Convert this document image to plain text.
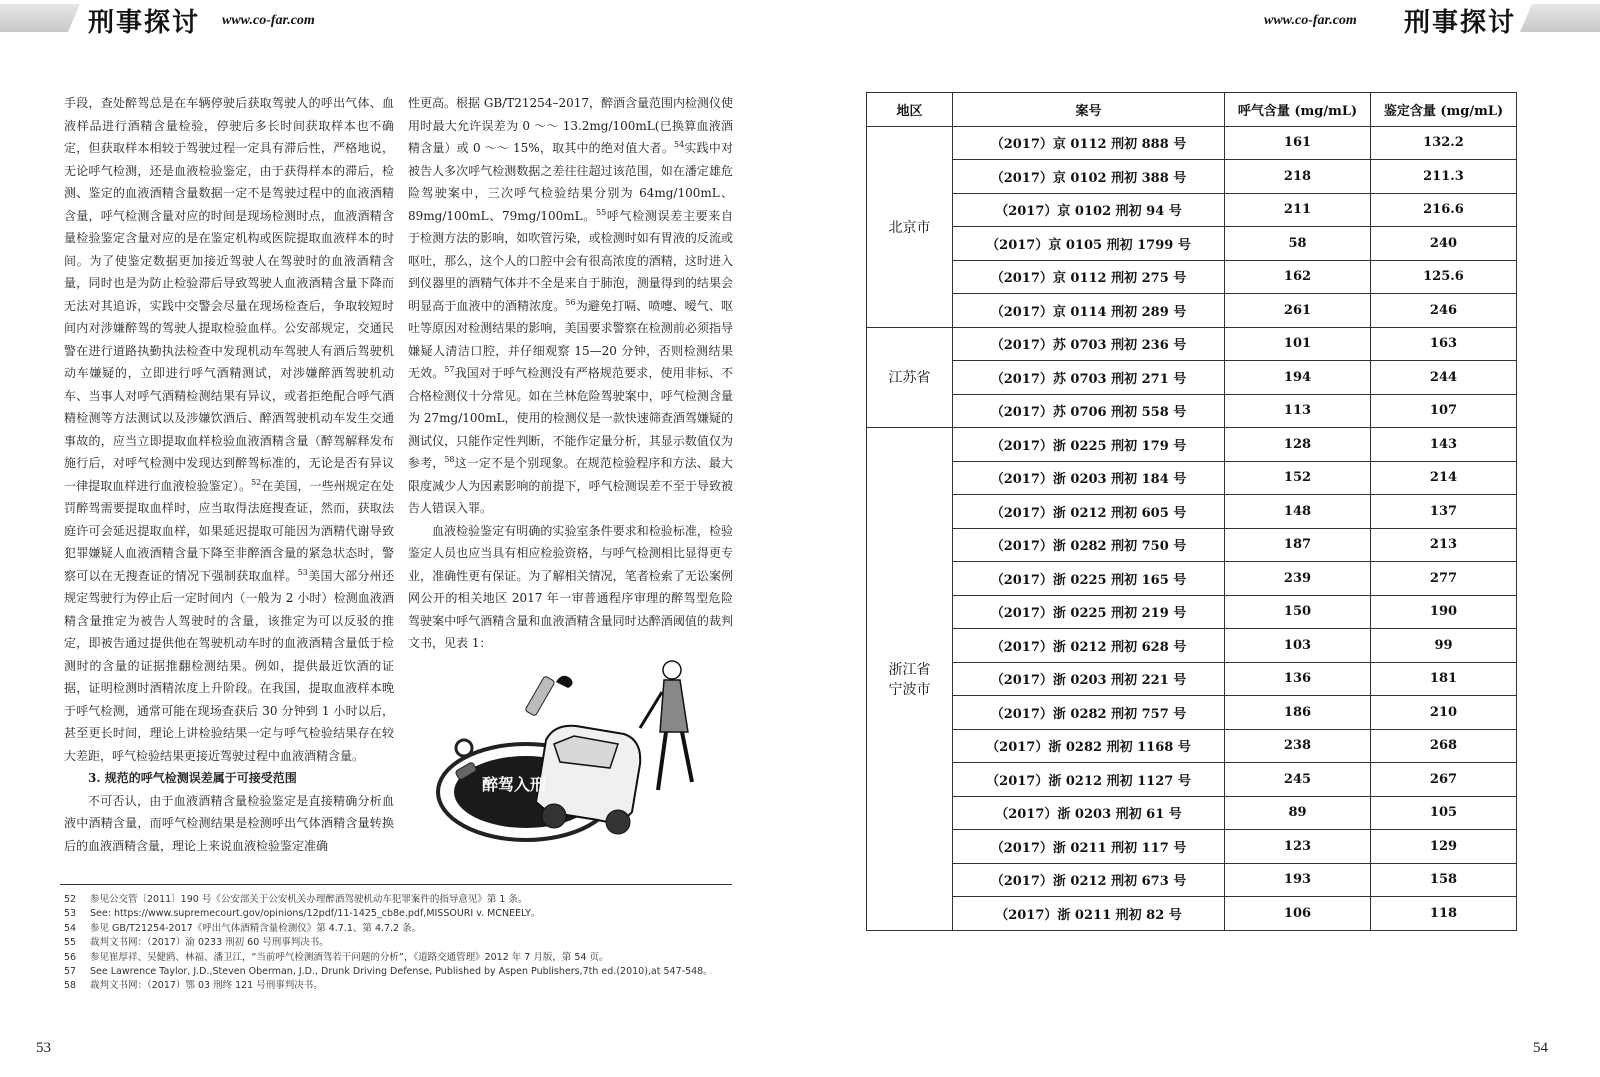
刑事探讨 www.co-far.com	www.co-far.com 刑事探讨

手段，查处醉驾总是在车辆停驶后获取驾驶人的呼出气体、血液样品进行酒精含量检验，停驶后多长时间获取样本也不确定，但获取样本相较于驾驶过程一定具有滞后性，严格地说，无论呼气检测，还是血液检验鉴定，由于获得样本的滞后，检测、鉴定的血液酒精含量数据一定不是驾驶过程中的血液酒精含量，呼气检测含量对应的时间是现场检测时点，血液酒精含量检验鉴定含量对应的是在鉴定机构或医院提取血液样本的时间。为了使鉴定数据更加接近驾驶人在驾驶时的血液酒精含量，同时也是为防止检验滞后导致驾驶人血液酒精含量下降而无法对其追诉，实践中交警会尽量在现场检查后，争取较短时间内对涉嫌醉驾的驾驶人提取检验血样。公安部规定，交通民警在进行道路执勤执法检查中发现机动车驾驶人有酒后驾驶机动车嫌疑的，立即进行呼气酒精测试，对涉嫌醉酒驾驶机动车、当事人对呼气酒精检测结果有异议，或者拒绝配合呼气酒精检测等方法测试以及涉嫌饮酒后、醉酒驾驶机动车发生交通事故的，应当立即提取血样检验血液酒精含量（醉驾解释发布施行后，对呼气检测中发现达到醉驾标准的，无论是否有异议一律提取血样进行血液检验鉴定）。$^{52}$在美国，一些州规定在处罚醉驾需要提取血样时，应当取得法庭搜查证，然而，获取法庭许可会延迟提取血样，如果延迟提取可能因为酒精代谢导致犯罪嫌疑人血液酒精含量下降至非醉酒含量的紧急状态时，警察可以在无搜查证的情况下强制获取血样。$^{53}$美国大部分州还规定驾驶行为停止后一定时间内（一般为 2 小时）检测血液酒精含量推定为被告人驾驶时的含量，该推定为可以反驳的推定，即被告通过提供他在驾驶机动车时的血液酒精含量低于检测时的含量的证据推翻检测结果。例如，提供最近饮酒的证据，证明检测时酒精浓度上升阶段。在我国，提取血液样本晚于呼气检测，通常可能在现场查获后 30 分钟到 1 小时以后，甚至更长时间，理论上讲检验结果一定与呼气检验结果存在较大差距，呼气检验结果更接近驾驶过程中血液酒精含量。

3. 规范的呼气检测误差属于可接受范围

不可否认，由于血液酒精含量检验鉴定是直接精确分析血液中酒精含量，而呼气检测结果是检测呼出气体酒精含量转换后的血液酒精含量，理论上来说血液检验鉴定准确

性更高。根据 GB/T21254–2017，醉酒含量范围内检测仪使用时最大允许误差为 0 ～～ 13.2mg/100mL(已换算血液酒精含量）或 0 ～～ 15%，取其中的绝对值大者。$^{54}$实践中对被告人多次呼气检测数据之差往往超过该范围，如在潘定雄危险驾驶案中，三次呼气检验结果分别为 64mg/100mL、89mg/100mL、79mg/100mL。$^{55}$呼气检测误差主要来自于检测方法的影响，如吹管污染，或检测时如有胃液的反流或呕吐，那么，这个人的口腔中会有很高浓度的酒精，这时进入到仪器里的酒精气体并不全是来自于肺泡，测量得到的结果会明显高于血液中的酒精浓度。$^{56}$为避免打嗝、喷嚏、嗳气、呕吐等原因对检测结果的影响，美国要求警察在检测前必须指导嫌疑人清洁口腔，并仔细观察 15—20 分钟，否则检测结果无效。$^{57}$我国对于呼气检测没有严格规范要求，使用非标、不合格检测仪十分常见。如在兰林危险驾驶案中，呼气检测含量为 27mg/100mL，使用的检测仪是一款快速筛查酒驾嫌疑的测试仪，只能作定性判断，不能作定量分析，其显示数值仅为参考，$^{58}$这一定不是个别现象。在规范检验程序和方法、最大限度减少人为因素影响的前提下，呼气检测误差不至于导致被告人错误入罪。

血液检验鉴定有明确的实验室条件要求和检验标准，检验鉴定人员也应当具有相应检验资格，与呼气检测相比显得更专业，准确性更有保证。为了解相关情况，笔者检索了无讼案例网公开的相关地区 2017 年一审普通程序审理的醉驾型危险驾驶案中呼气酒精含量和血液酒精含量同时达醉酒阈值的裁判文书，见表 1：

醉驾入刑
52	参见公交管〔2011〕190 号《公安部关于公安机关办理醉酒驾驶机动车犯罪案件的指导意见》第 1 条。
53	See: https://www.supremecourt.gov/opinions/12pdf/11-1425_cb8e.pdf,MISSOURI v. MCNEELY。
54	参见 GB/T21254-2017《呼出气体酒精含量检测仪》第 4.7.1、第 4.7.2 条。
55	裁判文书网：（2017）渝 0233 刑初 60 号刑事判决书。
56	参见崔厚祥、吴健鸥、林福、潘卫江，“当前呼气检测酒驾若干问题的分析”，《道路交通管理》2012 年 7 月版，第 54 页。
57	See Lawrence Taylor, J.D.,Steven Oberman, J.D., Drunk Driving Defense, Published by Aspen Publishers,7th ed.(2010),at 547-548。
58	裁判文书网：（2017）鄂 03 刑终 121 号刑事判决书。
53	54
地区	案号	呼气含量 (mg/mL)	鉴定含量 (mg/mL)
北京市	（2017）京 0112 刑初 888 号	161	132.2
	（2017）京 0102 刑初 388 号	218	211.3
	（2017）京 0102 刑初 94 号	211	216.6
	（2017）京 0105 刑初 1799 号	58	240
	（2017）京 0112 刑初 275 号	162	125.6
	（2017）京 0114 刑初 289 号	261	246
江苏省	（2017）苏 0703 刑初 236 号	101	163
	（2017）苏 0703 刑初 271 号	194	244
	（2017）苏 0706 刑初 558 号	113	107

浙江省
宁波市	（2017）浙 0225 刑初 179 号	128	143
	（2017）浙 0203 刑初 184 号	152	214
	（2017）浙 0212 刑初 605 号	148	137
	（2017）浙 0282 刑初 750 号	187	213
	（2017）浙 0225 刑初 165 号	239	277
	（2017）浙 0225 刑初 219 号	150	190
	（2017）浙 0212 刑初 628 号	103	99
	（2017）浙 0203 刑初 221 号	136	181
	（2017）浙 0282 刑初 757 号	186	210
	（2017）浙 0282 刑初 1168 号	238	268
	（2017）浙 0212 刑初 1127 号	245	267
	（2017）浙 0203 刑初 61 号	89	105
	（2017）浙 0211 刑初 117 号	123	129
	（2017）浙 0212 刑初 673 号	193	158
	（2017）浙 0211 刑初 82 号	106	118
